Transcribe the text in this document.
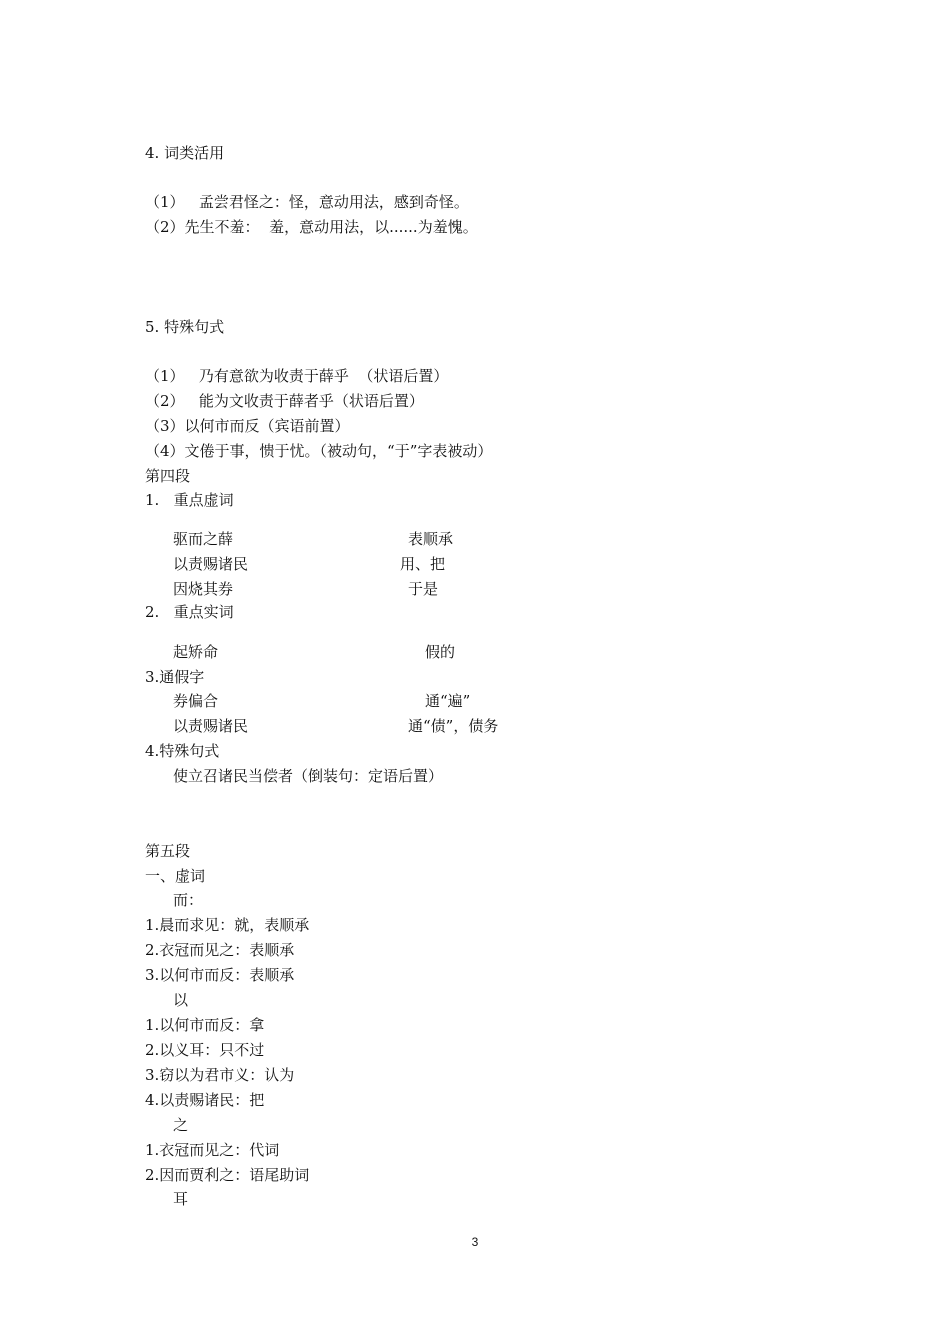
4. 词类活用
（1）   孟尝君怪之：怪，意动用法，感到奇怪。
（2）先生不羞：  羞，意动用法，以......为羞愧。
5. 特殊句式
（1）   乃有意欲为收责于薛乎  （状语后置）
（2）   能为文收责于薛者乎（状语后置）
（3）以何市而反（宾语前置）
（4）文倦于事，愦于忧。（被动句，“于”字表被动）
第四段
1.   重点虚词
驱而之薛	表顺承
以责赐诸民	用、把
因烧其券	于是
2.   重点实词
起矫命	假的
3.通假字
券偏合	通“遍”
以责赐诸民	通“债”，债务
4.特殊句式
使立召诸民当偿者（倒装句：定语后置）
第五段
一、虚词
而：
1.晨而求见：就，表顺承
2.衣冠而见之：表顺承
3.以何市而反：表顺承
以
1.以何市而反：拿
2.以义耳：只不过
3.窃以为君市义：认为
4.以责赐诸民：把
之
1.衣冠而见之：代词
2.因而贾利之：语尾助词
耳
3
